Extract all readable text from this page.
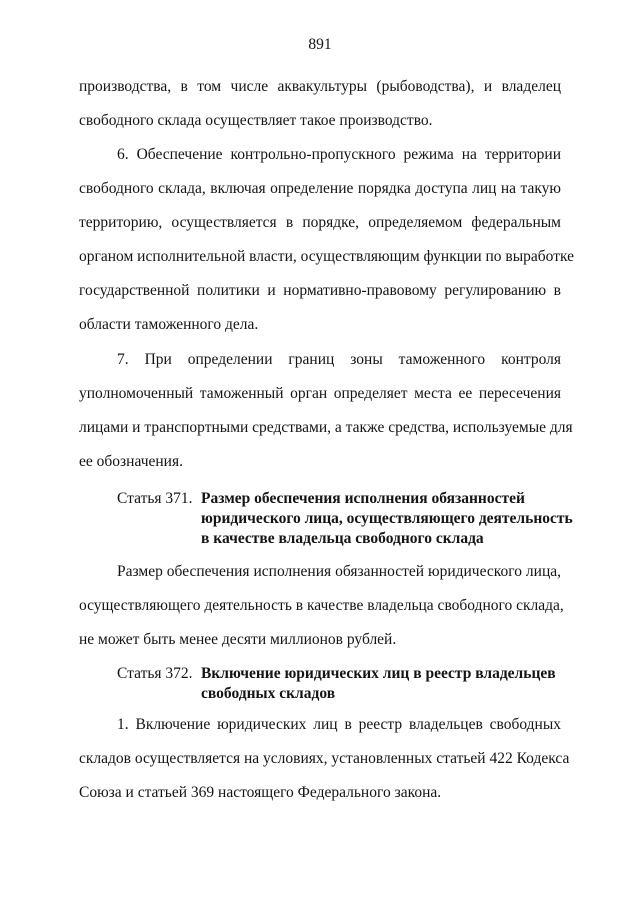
891
производства, в том числе аквакультуры (рыбоводства), и владелец
свободного склада осуществляет такое производство.
6. Обеспечение контрольно-пропускного режима на территории
свободного склада, включая определение порядка доступа лиц на такую
территорию, осуществляется в порядке, определяемом федеральным
органом исполнительной власти, осуществляющим функции по выработке
государственной политики и нормативно-правовому регулированию в
области таможенного дела.
7. При определении границ зоны таможенного контроля
уполномоченный таможенный орган определяет места ее пересечения
лицами и транспортными средствами, а также средства, используемые для
ее обозначения.
Статья 371. Размер обеспечения исполнения обязанностей
юридического лица, осуществляющего деятельность
в качестве владельца свободного склада
Размер обеспечения исполнения обязанностей юридического лица,
осуществляющего деятельность в качестве владельца свободного склада,
не может быть менее десяти миллионов рублей.
Статья 372. Включение юридических лиц в реестр владельцев
свободных складов
1. Включение юридических лиц в реестр владельцев свободных
складов осуществляется на условиях, установленных статьей 422 Кодекса
Союза и статьей 369 настоящего Федерального закона.
